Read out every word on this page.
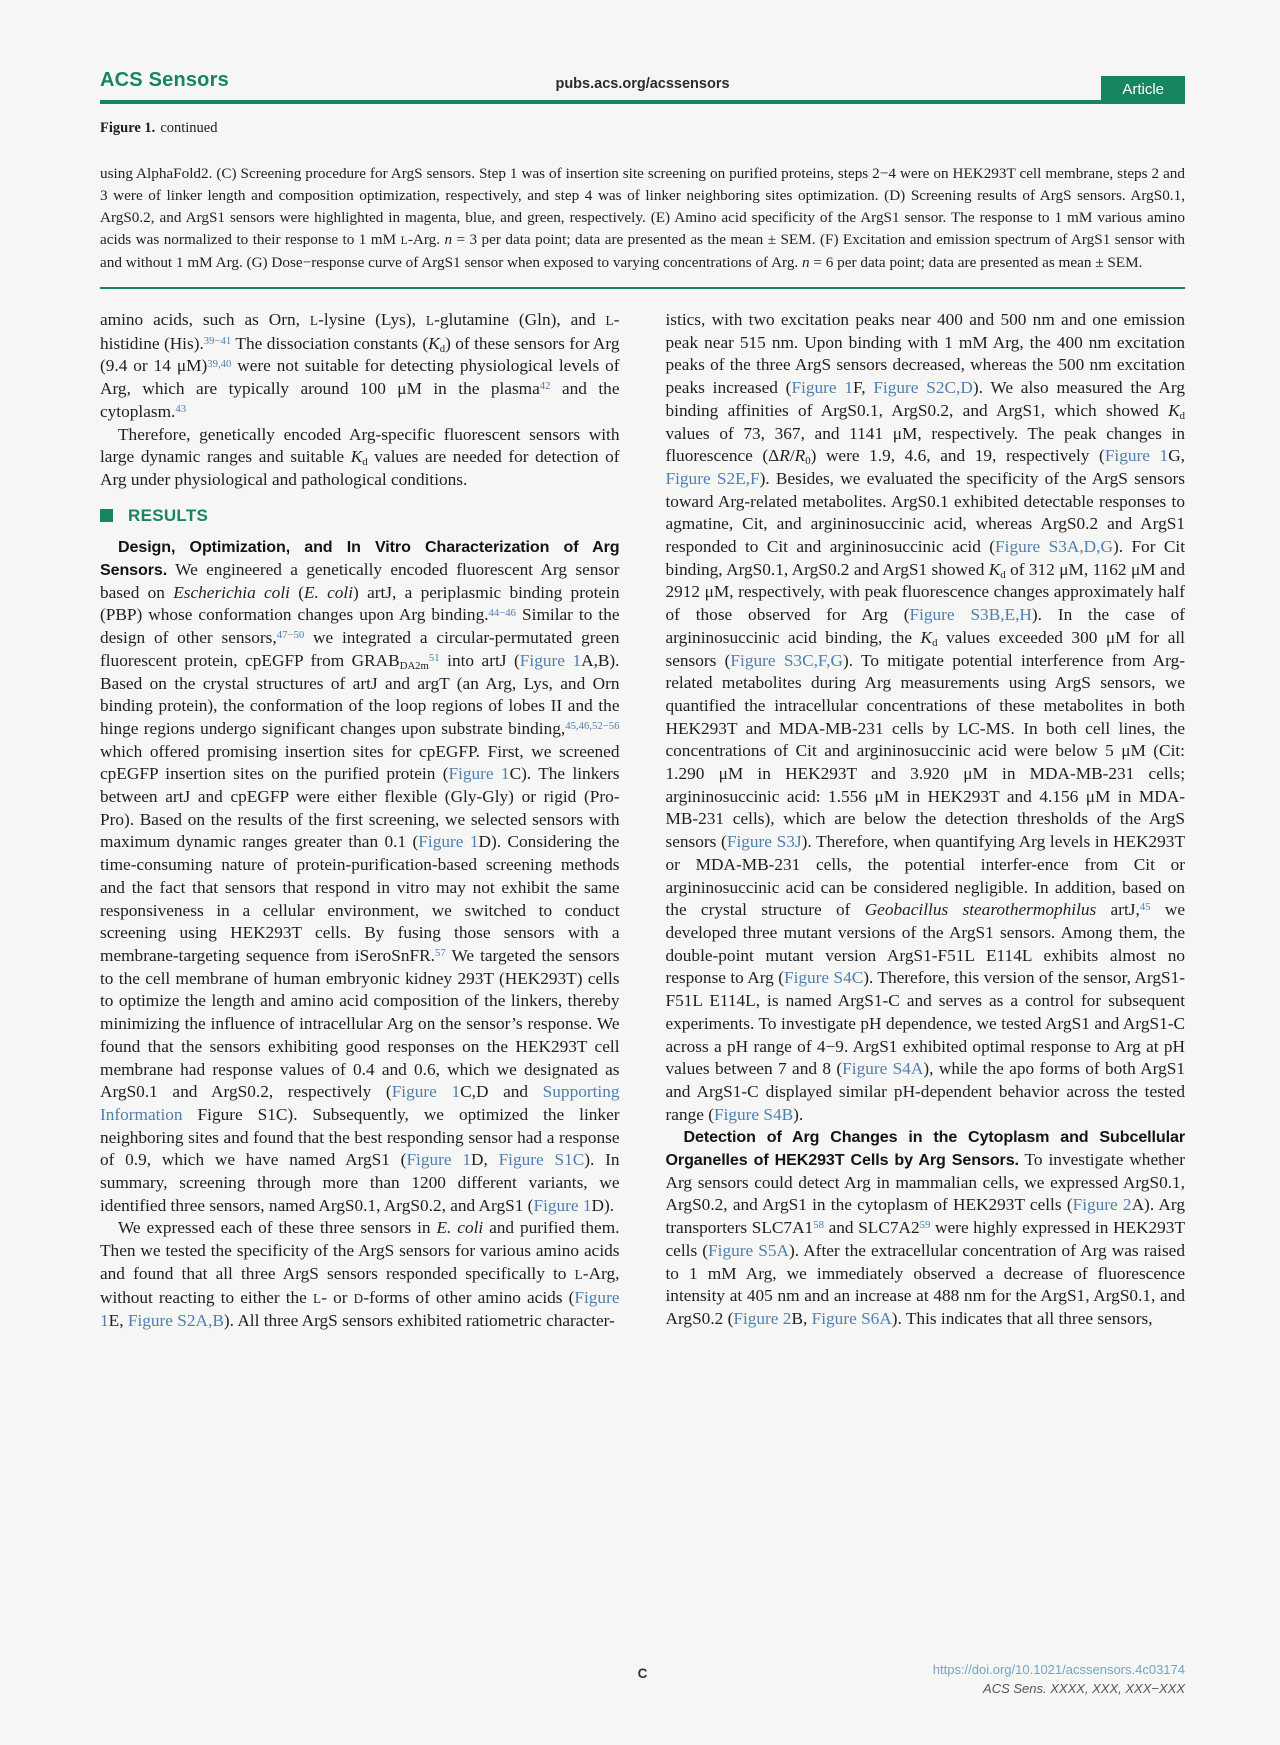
ACS Sensors	pubs.acs.org/acssensors	Article
Figure 1. continued
using AlphaFold2. (C) Screening procedure for ArgS sensors. Step 1 was of insertion site screening on purified proteins, steps 2−4 were on HEK293T cell membrane, steps 2 and 3 were of linker length and composition optimization, respectively, and step 4 was of linker neighboring sites optimization. (D) Screening results of ArgS sensors. ArgS0.1, ArgS0.2, and ArgS1 sensors were highlighted in magenta, blue, and green, respectively. (E) Amino acid specificity of the ArgS1 sensor. The response to 1 mM various amino acids was normalized to their response to 1 mM L-Arg. n = 3 per data point; data are presented as the mean ± SEM. (F) Excitation and emission spectrum of ArgS1 sensor with and without 1 mM Arg. (G) Dose−response curve of ArgS1 sensor when exposed to varying concentrations of Arg. n = 6 per data point; data are presented as mean ± SEM.

amino acids, such as Orn, L-lysine (Lys), L-glutamine (Gln), and L-histidine (His).$^{39-41}$ The dissociation constants (Kd) of these sensors for Arg (9.4 or 14 μM)$^{39,40}$ were not suitable for detecting physiological levels of Arg, which are typically around 100 μM in the plasma$^{42}$ and the cytoplasm.$^{43}$

Therefore, genetically encoded Arg-specific fluorescent sensors with large dynamic ranges and suitable Kd values are needed for detection of Arg under physiological and pathological conditions.

RESULTS

Design, Optimization, and In Vitro Characterization of Arg Sensors. We engineered a genetically encoded fluorescent Arg sensor based on Escherichia coli (E. coli) artJ, a periplasmic binding protein (PBP) whose conformation changes upon Arg binding.$^{44-46}$ Similar to the design of other sensors,$^{47-50}$ we integrated a circular-permutated green fluorescent protein, cpEGFP from $GRABDA2m^{51}$ into artJ (Figure 1A,B). Based on the crystal structures of artJ and argT (an Arg, Lys, and Orn binding protein), the conformation of the loop regions of lobes II and the hinge regions undergo significant changes upon substrate binding,$^{45,46,52-56}$ which offered promising insertion sites for cpEGFP. First, we screened cpEGFP insertion sites on the purified protein (Figure 1C). The linkers between artJ and cpEGFP were either flexible (Gly-Gly) or rigid (Pro-Pro). Based on the results of the first screening, we selected sensors with maximum dynamic ranges greater than 0.1 (Figure 1D). Considering the time-consuming nature of protein-purification-based screening methods and the fact that sensors that respond in vitro may not exhibit the same responsiveness in a cellular environment, we switched to conduct screening using HEK293T cells. By fusing those sensors with a membrane-targeting sequence from iSeroSnFR.$^{57}$ We targeted the sensors to the cell membrane of human embryonic kidney 293T (HEK293T) cells to optimize the length and amino acid composition of the linkers, thereby minimizing the influence of intracellular Arg on the sensor’s response. We found that the sensors exhibiting good responses on the HEK293T cell membrane had response values of 0.4 and 0.6, which we designated as ArgS0.1 and ArgS0.2, respectively (Figure 1C,D and Supporting Information Figure S1C). Subsequently, we optimized the linker neighboring sites and found that the best responding sensor had a response of 0.9, which we have named ArgS1 (Figure 1D, Figure S1C). In summary, screening through more than 1200 different variants, we identified three sensors, named ArgS0.1, ArgS0.2, and ArgS1 (Figure 1D).

We expressed each of these three sensors in E. coli and purified them. Then we tested the specificity of the ArgS sensors for various amino acids and found that all three ArgS sensors responded specifically to L-Arg, without reacting to either the L- or D-forms of other amino acids (Figure 1E, Figure S2A,B). All three ArgS sensors exhibited ratiometric character-

istics, with two excitation peaks near 400 and 500 nm and one emission peak near 515 nm. Upon binding with 1 mM Arg, the 400 nm excitation peaks of the three ArgS sensors decreased, whereas the 500 nm excitation peaks increased (Figure 1F, Figure S2C,D). We also measured the Arg binding affinities of ArgS0.1, ArgS0.2, and ArgS1, which showed Kd values of 73, 367, and 1141 μM, respectively. The peak changes in fluorescence (ΔR/R0) were 1.9, 4.6, and 19, respectively (Figure 1G, Figure S2E,F). Besides, we evaluated the specificity of the ArgS sensors toward Arg-related metabolites. ArgS0.1 exhibited detectable responses to agmatine, Cit, and argininosuccinic acid, whereas ArgS0.2 and ArgS1 responded to Cit and argininosuccinic acid (Figure S3A,D,G). For Cit binding, ArgS0.1, ArgS0.2 and ArgS1 showed Kd of 312 μM, 1162 μM and 2912 μM, respectively, with peak fluorescence changes approximately half of those observed for Arg (Figure S3B,E,H). In the case of argininosuccinic acid binding, the Kd values exceeded 300 μM for all sensors (Figure S3C,F,G). To mitigate potential interference from Arg-related metabolites during Arg measurements using ArgS sensors, we quantified the intracellular concentrations of these metabolites in both HEK293T and MDA-MB-231 cells by LC-MS. In both cell lines, the concentrations of Cit and argininosuccinic acid were below 5 μM (Cit: 1.290 μM in HEK293T and 3.920 μM in MDA-MB-231 cells; argininosuccinic acid: 1.556 μM in HEK293T and 4.156 μM in MDA-MB-231 cells), which are below the detection thresholds of the ArgS sensors (Figure S3J). Therefore, when quantifying Arg levels in HEK293T or MDA-MB-231 cells, the potential interfer-ence from Cit or argininosuccinic acid can be considered negligible. In addition, based on the crystal structure of Geobacillus stearothermophilus artJ,$^{45}$ we developed three mutant versions of the ArgS1 sensors. Among them, the double-point mutant version ArgS1-F51L E114L exhibits almost no response to Arg (Figure S4C). Therefore, this version of the sensor, ArgS1-F51L E114L, is named ArgS1-C and serves as a control for subsequent experiments. To investigate pH dependence, we tested ArgS1 and ArgS1-C across a pH range of 4−9. ArgS1 exhibited optimal response to Arg at pH values between 7 and 8 (Figure S4A), while the apo forms of both ArgS1 and ArgS1-C displayed similar pH-dependent behavior across the tested range (Figure S4B).

Detection of Arg Changes in the Cytoplasm and Subcellular Organelles of HEK293T Cells by Arg Sensors. To investigate whether Arg sensors could detect Arg in mammalian cells, we expressed ArgS0.1, ArgS0.2, and ArgS1 in the cytoplasm of HEK293T cells (Figure 2A). Arg transporters $SLC7A1^{58}$ and $SLC7A2^{59}$ were highly expressed in HEK293T cells (Figure S5A). After the extracellular concentration of Arg was raised to 1 mM Arg, we immediately observed a decrease of fluorescence intensity at 405 nm and an increase at 488 nm for the ArgS1, ArgS0.1, and ArgS0.2 (Figure 2B, Figure S6A). This indicates that all three sensors,

C	https://doi.org/10.1021/acssensors.4c03174
ACS Sens. XXXX, XXX, XXX−XXX
